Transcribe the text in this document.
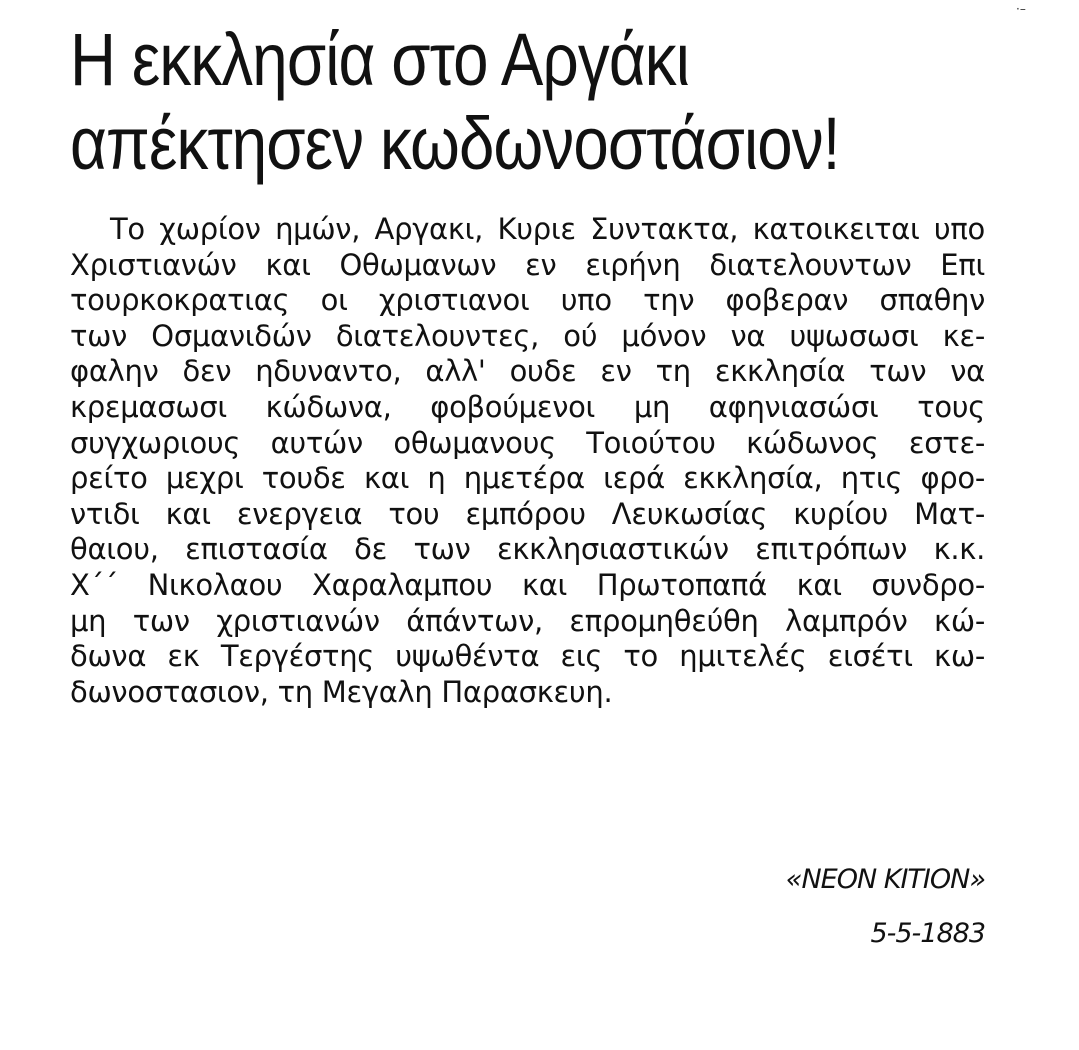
·–
Η εκκλησία στο Αργάκι
απέκτησεν κωδωνοστάσιον!
Το χωρίον ημών, Αργακι, Κυριε Συντακτα, κατοικειται υπο
Χριστιανών και Οθωμανων εν ειρήνη διατελουντων Επι
τουρκοκρατιας οι χριστιανοι υπο την φοβεραν σπαθην
των Οσμανιδών διατελουντες, ού μόνον να υψωσωσι κε-
φαλην δεν ηδυναντο, αλλ' ουδε εν τη εκκλησία των να
κρεμασωσι κώδωνα, φοβούμενοι μη αφηνιασώσι τους
συγχωριους αυτών οθωμανους Τοιούτου κώδωνος εστε-
ρείτο μεχρι τουδε και η ημετέρα ιερά εκκλησία, ητις φρο-
ντιδι και ενεργεια του εμπόρου Λευκωσίας κυρίου Ματ-
θαιου, επιστασία δε των εκκλησιαστικών επιτρόπων κ.κ.
Χ´´ Νικολαου Χαραλαμπου και Πρωτοπαπά και συνδρο-
μη των χριστιανών άπάντων, επρομηθεύθη λαμπρόν κώ-
δωνα εκ Τεργέστης υψωθέντα εις το ημιτελές εισέτι κω-
δωνοστασιον, τη Μεγαλη Παρασκευη.
«ΝΕΟΝ ΚΙΤΙΟΝ»
5-5-1883
